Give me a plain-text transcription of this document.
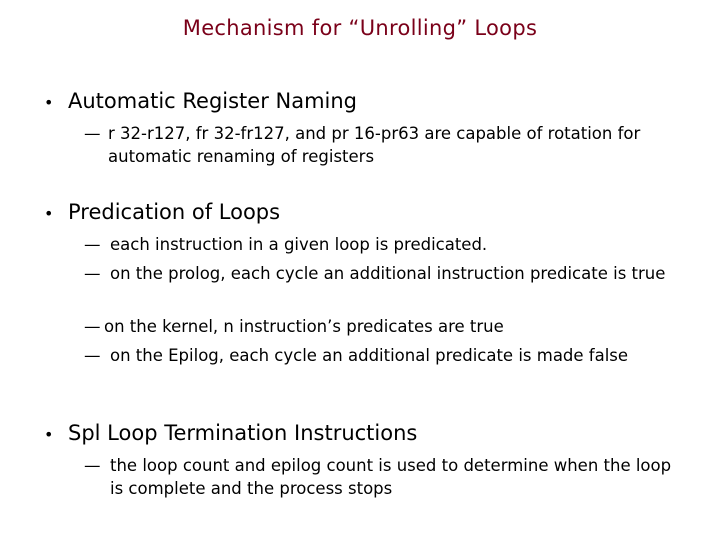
Mechanism for “Unrolling” Loops
• Automatic Register Naming
— r 32-r127, fr 32-fr127, and pr 16-pr63 are capable of rotation for automatic renaming of registers
• Predication of Loops
— each instruction in a given loop is predicated.
— on the prolog, each cycle an additional instruction predicate is true
— on the kernel, n instruction’s predicates are true
— on the Epilog, each cycle an additional predicate is made false
• Spl Loop Termination Instructions
— the loop count and epilog count is used to determine when the loop is complete and the process stops
